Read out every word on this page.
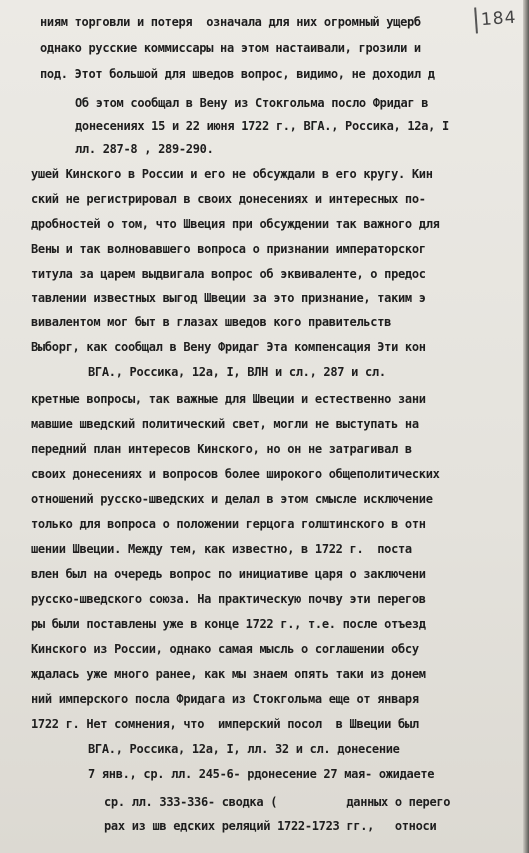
184
ниям торговли и потеря  означала для них огромный ущерб
однако русские коммиссары на этом настаивали, грозили и
под. Этот большой для шведов вопрос, видимо, не доходил д
Об этом сообщал в Вену из Стокгольма посло Фридаг в
донесениях 15 и 22 июня 1722 г., ВГА., Россика, 12а, I
лл. 287-8 , 289-290.
ушей Кинского в России и его не обсуждали в его кругу. Кин
ский не регистрировал в своих донесениях и интересных по-
дробностей о том, что Швеция при обсуждении так важного для
Вены и так волновавшего вопроса о признании императорског
титула за царем выдвигала вопрос об эквиваленте, о предос
тавлении известных выгод Швеции за это признание, таким э
вивалентом мог быт в глазах шведов кого правительств
Выборг, как сообщал в Вену Фридаг Эта компенсация Эти кон
ВГА., Россика, 12а, I, ВЛН и сл., 287 и сл.
кретные вопросы, так важные для Швеции и естественно зани
мавшие шведский политический свет, могли не выступать на
передний план интересов Кинского, но он не затрагивал в
своих донесениях и вопросов более широкого общеполитических
отношений русско-шведских и делал в этом смысле исключение
только для вопроса о положении герцога голштинского в отн
шении Швеции. Между тем, как известно, в 1722 г.  поста
влен был на очередь вопрос по инициативе царя о заключени
русско-шведского союза. На практическую почву эти перегов
ры были поставлены уже в конце 1722 г., т.е. после отъезд
Кинского из России, однако самая мысль о соглашении обсу
ждалась уже много ранее, как мы знаем опять таки из донем
ний имперского посла Фридага из Стокгольма еще от января
1722 г. Нет сомнения, что  имперский посол  в Швеции был
ВГА., Россика, 12а, I, лл. 32 и сл. донесение
7 янв., ср. лл. 245-6- рдонесение 27 мая- ожидаете
ср. лл. 333-336- сводка (          данных о перего
рах из шв едских реляций 1722-1723 гг.,   относи
